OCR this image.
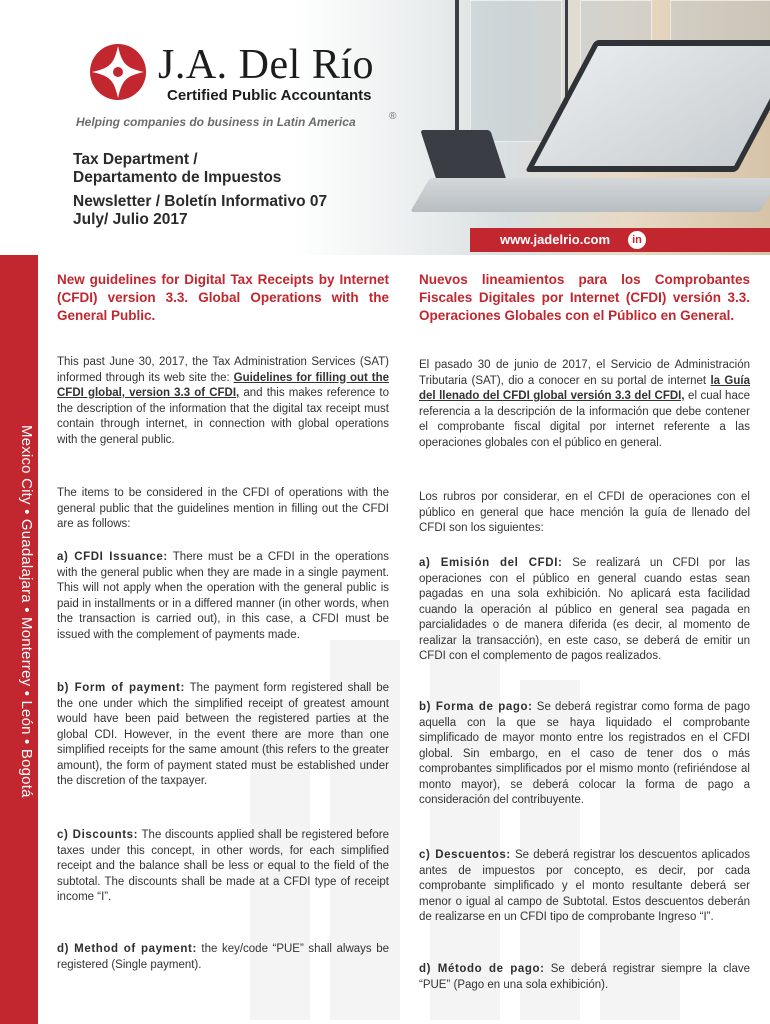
J.A. Del Río
Certified Public Accountants
Helping companies do business in Latin America	®
Tax Department /
Departamento de Impuestos
Newsletter / Boletín Informativo 07
July/ Julio 2017
www.jadelrio.com	in
Mexico City • Guadalajara • Monterrey • León • Bogotá
New guidelines for Digital Tax Receipts by Internet (CFDI) version 3.3. Global Operations with the General Public.

This past June 30, 2017, the Tax Administration Services (SAT) informed through its web site the: Guidelines for filling out the CFDI global, version 3.3 of CFDI, and this makes reference to the description of the information that the digital tax receipt must contain through internet, in connection with global operations with the general public.

The items to be considered in the CFDI of operations with the general public that the guidelines mention in filling out the CFDI are as follows:

a) CFDI Issuance: There must be a CFDI in the operations with the general public when they are made in a single payment. This will not apply when the operation with the general public is paid in installments or in a differed manner (in other words, when the transaction is carried out), in this case, a CFDI must be issued with the complement of payments made.

b) Form of payment: The payment form registered shall be the one under which the simplified receipt of greatest amount would have been paid between the registered parties at the global CDI. However, in the event there are more than one simplified receipts for the same amount (this refers to the greater amount), the form of payment stated must be established under the discretion of the taxpayer.

c) Discounts: The discounts applied shall be registered before taxes under this concept, in other words, for each simplified receipt and the balance shall be less or equal to the field of the subtotal. The discounts shall be made at a CFDI type of receipt income “I”.

d) Method of payment: the key/code “PUE” shall always be registered (Single payment).

Nuevos lineamientos para los Comprobantes Fiscales Digitales por Internet (CFDI) versión 3.3. Operaciones Globales con el Público en General.

El pasado 30 de junio de 2017, el Servicio de Administración Tributaria (SAT), dio a conocer en su portal de internet la Guía del llenado del CFDI global versión 3.3 del CFDI, el cual hace referencia a la descripción de la información que debe contener el comprobante fiscal digital por internet referente a las operaciones globales con el público en general.

Los rubros por considerar, en el CFDI de operaciones con el público en general que hace mención la guía de llenado del CFDI son los siguientes:

a) Emisión del CFDI: Se realizará un CFDI por las operaciones con el público en general cuando estas sean pagadas en una sola exhibición. No aplicará esta facilidad cuando la operación al público en general sea pagada en parcialidades o de manera diferida (es decir, al momento de realizar la transacción), en este caso, se deberá de emitir un CFDI con el complemento de pagos realizados.

b) Forma de pago: Se deberá registrar como forma de pago aquella con la que se haya liquidado el comprobante simplificado de mayor monto entre los registrados en el CFDI global. Sin embargo, en el caso de tener dos o más comprobantes simplificados por el mismo monto (refiriéndose al monto mayor), se deberá colocar la forma de pago a consideración del contribuyente.

c) Descuentos: Se deberá registrar los descuentos aplicados antes de impuestos por concepto, es decir, por cada comprobante simplificado y el monto resultante deberá ser menor o igual al campo de Subtotal. Estos descuentos deberán de realizarse en un CFDI tipo de comprobante Ingreso “I”.

d) Método de pago: Se deberá registrar siempre la clave “PUE” (Pago en una sola exhibición).
